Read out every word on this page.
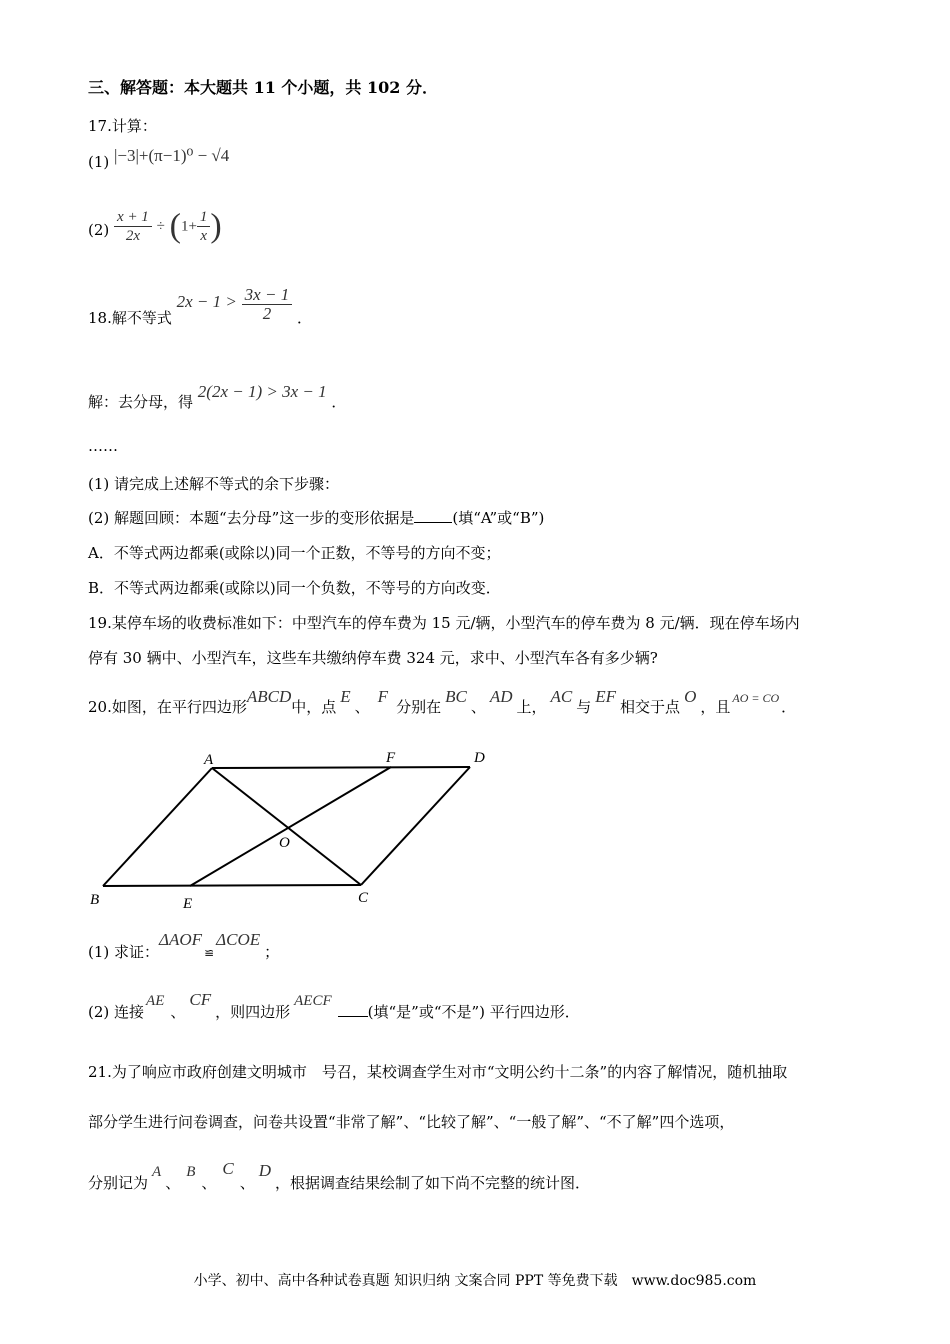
三、解答题：本大题共 11 个小题，共 102 分．
17.计算：
(1) |−3|+(π−1)⁰ − √4
$(2) \frac{x + 1}{2x} \div (1+ \frac{1}{x}$ )
18.解不等式 $2x - 1 > \frac{3x - 1}{2}$ ．
解：去分母，得 2(2x − 1) > 3x − 1 ．
……
(1) 请完成上述解不等式的余下步骤：
(2) 解题回顾：本题“去分母”这一步的变形依据是	(填“A”或“B”)
A．不等式两边都乘(或除以)同一个正数，不等号的方向不变；
B．不等式两边都乘(或除以)同一个负数，不等号的方向改变．
19.某停车场的收费标准如下：中型汽车的停车费为 15 元/辆，小型汽车的停车费为 8 元/辆．现在停车场内
停有 30 辆中、小型汽车，这些车共缴纳停车费 324 元，求中、小型汽车各有多少辆?
20.如图，在平行四边形ABCD中，点E、F分别在BC、AD上，AC与EF相交于点O，且 $^{AO = CO}$ ．
A	F	D
O
B	E	C
(1) 求证：ΔAOF≌ΔCOE；
(2) 连接AE、CF，则四边形AECF(填“是”或“不是”) 平行四边形．
21.为了响应市政府创建文明城市　号召，某校调查学生对市“文明公约十二条”的内容了解情况，随机抽取
部分学生进行问卷调查，问卷共设置“非常了解”、“比较了解”、“一般了解”、“不了解”四个选项，
分别记为A、B、C、D，根据调查结果绘制了如下尚不完整的统计图．
小学、初中、高中各种试卷真题 知识归纳 文案合同 PPT 等免费下载　www.doc985.com
